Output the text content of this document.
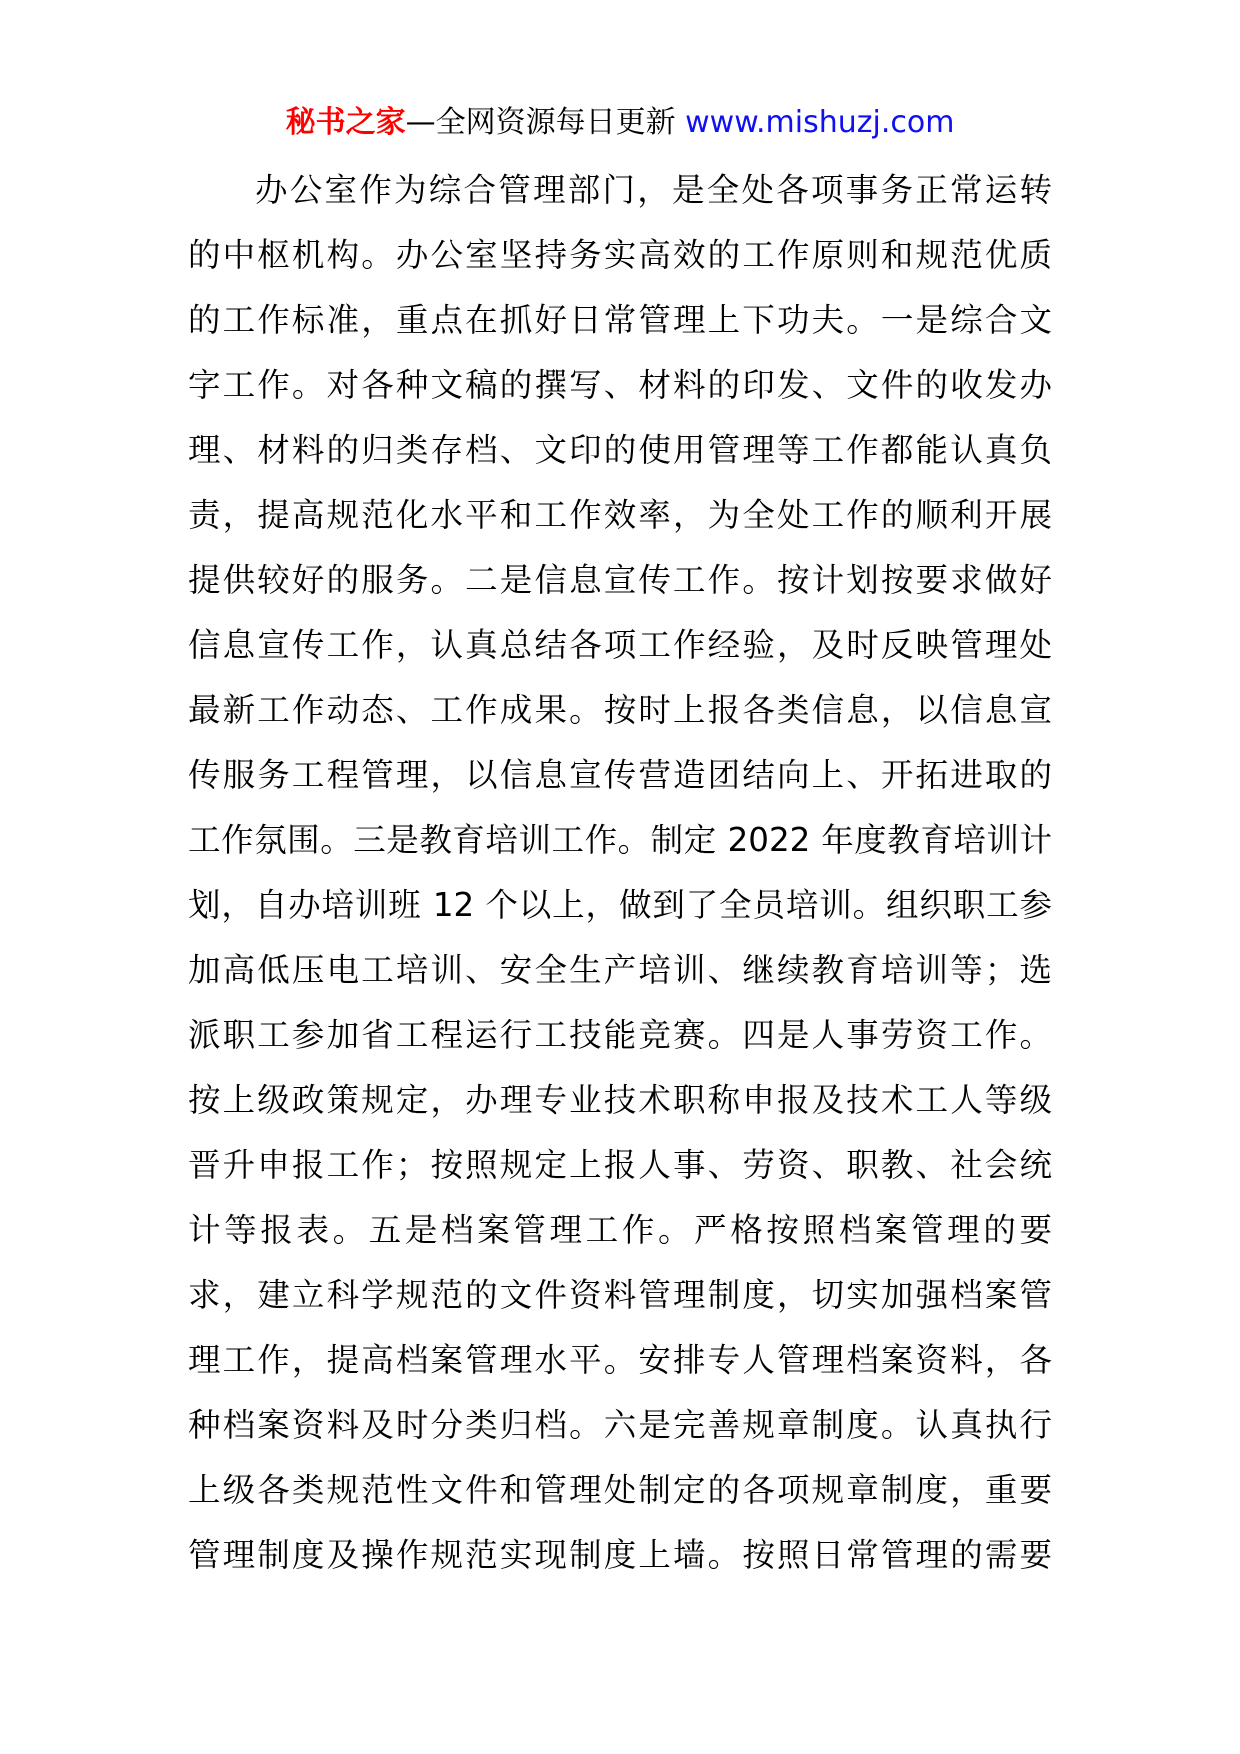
秘书之家—全网资源每日更新 www.mishuzj.com
办公室作为综合管理部门，是全处各项事务正常运转
的中枢机构。办公室坚持务实高效的工作原则和规范优质
的工作标准，重点在抓好日常管理上下功夫。一是综合文
字工作。对各种文稿的撰写、材料的印发、文件的收发办
理、材料的归类存档、文印的使用管理等工作都能认真负
责，提高规范化水平和工作效率，为全处工作的顺利开展
提供较好的服务。二是信息宣传工作。按计划按要求做好
信息宣传工作，认真总结各项工作经验，及时反映管理处
最新工作动态、工作成果。按时上报各类信息，以信息宣
传服务工程管理，以信息宣传营造团结向上、开拓进取的
工作氛围。三是教育培训工作。制定 2022 年度教育培训计
划，自办培训班 12 个以上，做到了全员培训。组织职工参
加高低压电工培训、安全生产培训、继续教育培训等；选
派职工参加省工程运行工技能竞赛。四是人事劳资工作。
按上级政策规定，办理专业技术职称申报及技术工人等级
晋升申报工作；按照规定上报人事、劳资、职教、社会统
计等报表。五是档案管理工作。严格按照档案管理的要
求，建立科学规范的文件资料管理制度，切实加强档案管
理工作，提高档案管理水平。安排专人管理档案资料，各
种档案资料及时分类归档。六是完善规章制度。认真执行
上级各类规范性文件和管理处制定的各项规章制度，重要
管理制度及操作规范实现制度上墙。按照日常管理的需要
